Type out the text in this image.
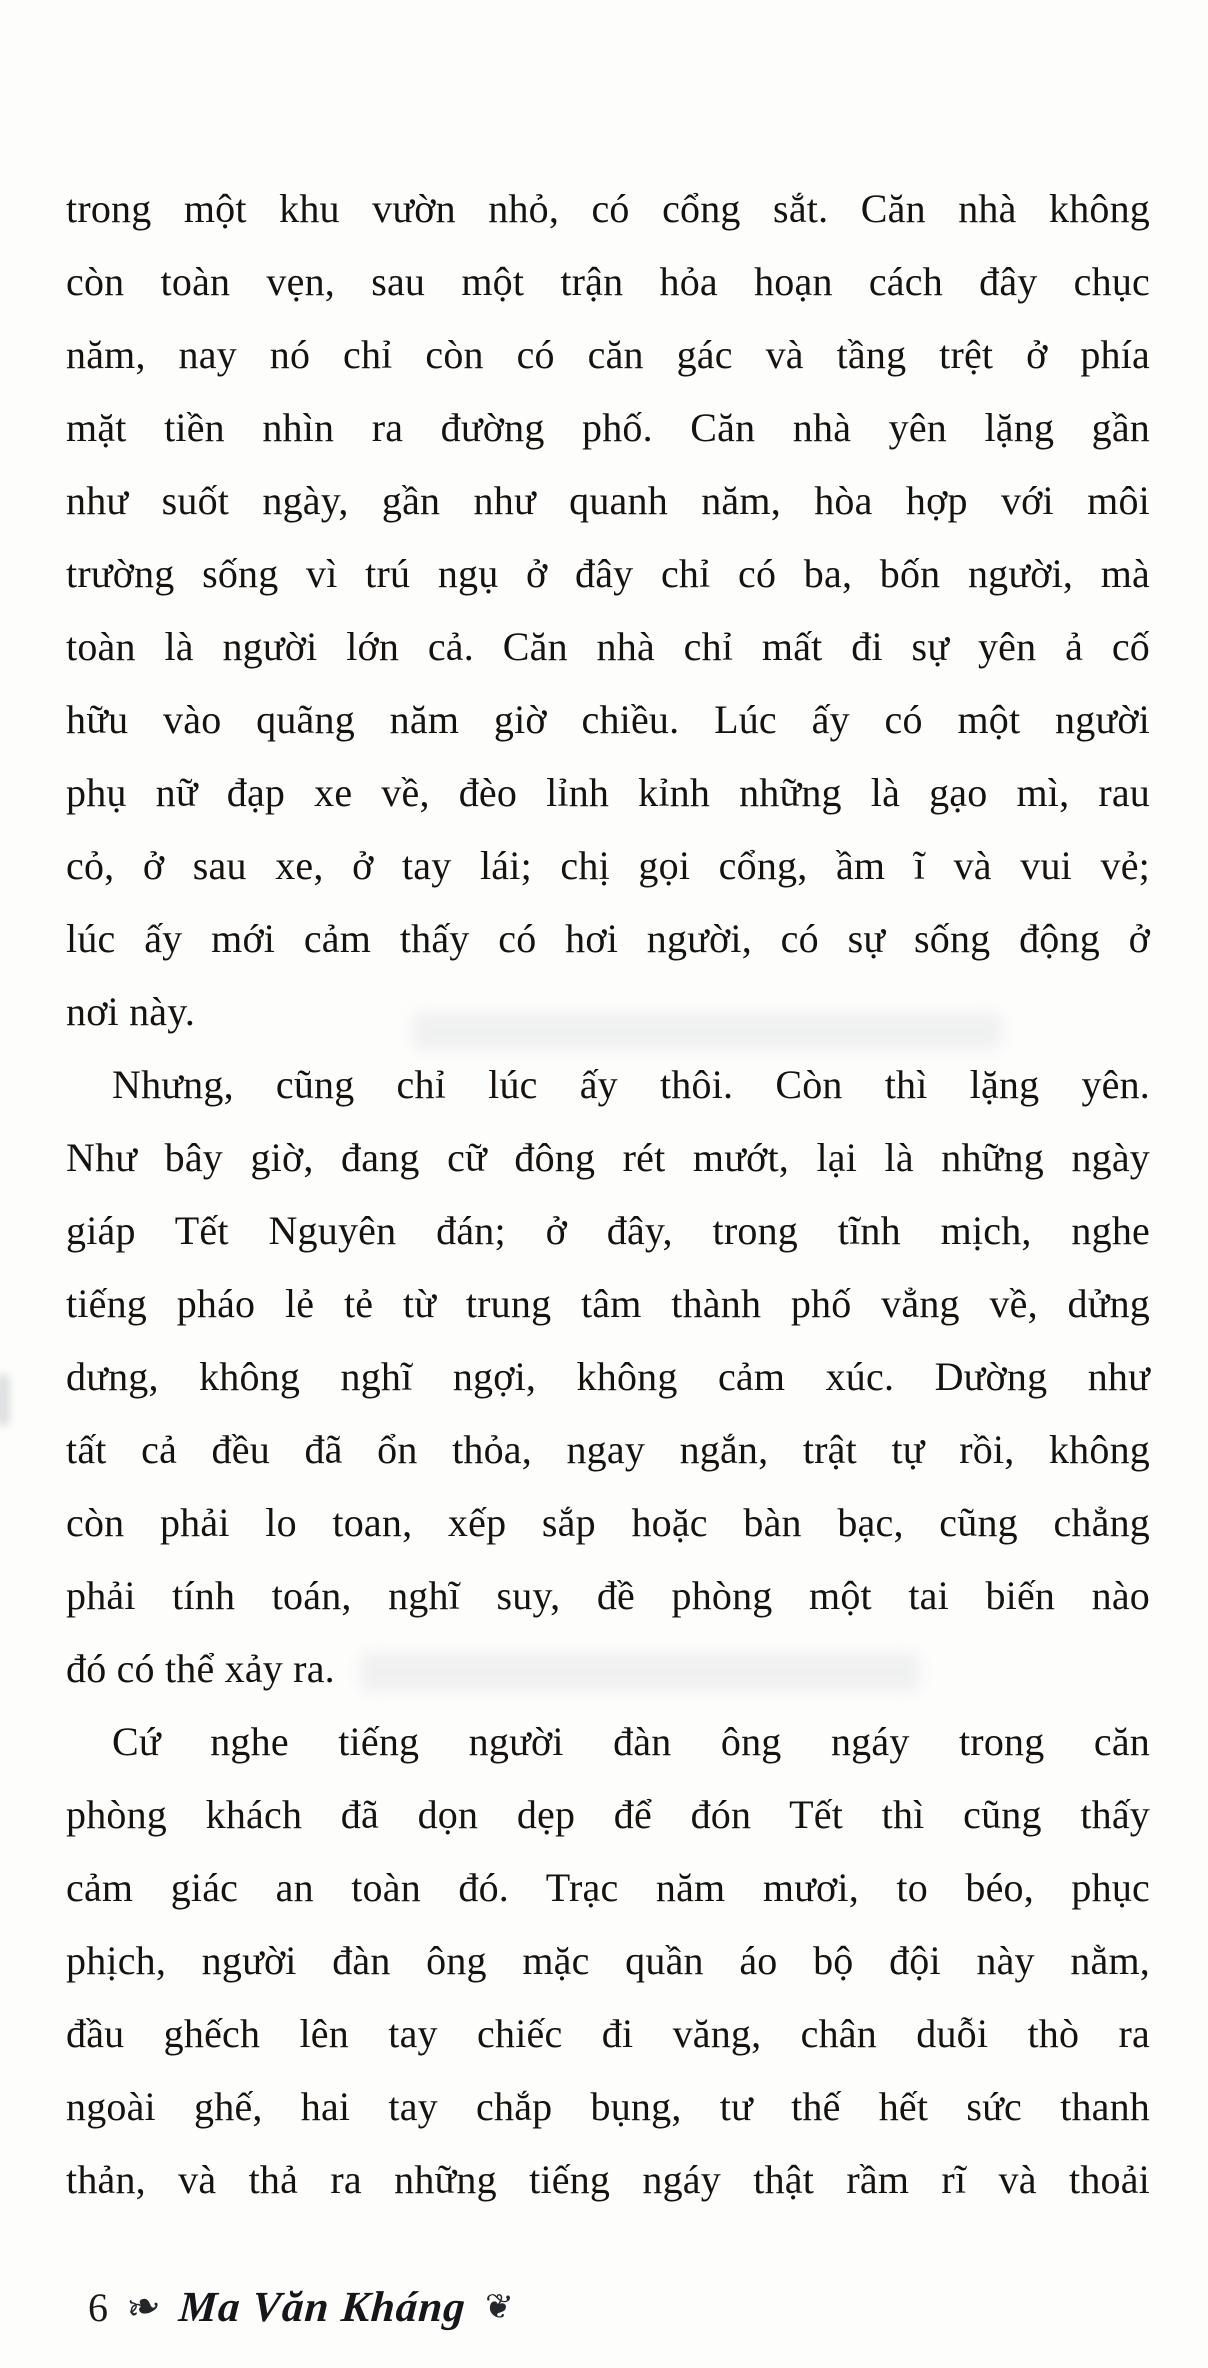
trong một khu vườn nhỏ, có cổng sắt. Căn nhà không
còn toàn vẹn, sau một trận hỏa hoạn cách đây chục
năm, nay nó chỉ còn có căn gác và tầng trệt ở phía
mặt tiền nhìn ra đường phố. Căn nhà yên lặng gần
như suốt ngày, gần như quanh năm, hòa hợp với môi
trường sống vì trú ngụ ở đây chỉ có ba, bốn người, mà
toàn là người lớn cả. Căn nhà chỉ mất đi sự yên ả cố
hữu vào quãng năm giờ chiều. Lúc ấy có một người
phụ nữ đạp xe về, đèo lỉnh kỉnh những là gạo mì, rau
cỏ, ở sau xe, ở tay lái; chị gọi cổng, ầm ĩ và vui vẻ;
lúc ấy mới cảm thấy có hơi người, có sự sống động ở
nơi này.
Nhưng, cũng chỉ lúc ấy thôi. Còn thì lặng yên.
Như bây giờ, đang cữ đông rét mướt, lại là những ngày
giáp Tết Nguyên đán; ở đây, trong tĩnh mịch, nghe
tiếng pháo lẻ tẻ từ trung tâm thành phố vẳng về, dửng
dưng, không nghĩ ngợi, không cảm xúc. Dường như
tất cả đều đã ổn thỏa, ngay ngắn, trật tự rồi, không
còn phải lo toan, xếp sắp hoặc bàn bạc, cũng chẳng
phải tính toán, nghĩ suy, đề phòng một tai biến nào
đó có thể xảy ra.
Cứ nghe tiếng người đàn ông ngáy trong căn
phòng khách đã dọn dẹp để đón Tết thì cũng thấy
cảm giác an toàn đó. Trạc năm mươi, to béo, phục
phịch, người đàn ông mặc quần áo bộ đội này nằm,
đầu ghếch lên tay chiếc đi văng, chân duỗi thò ra
ngoài ghế, hai tay chắp bụng, tư thế hết sức thanh
thản, và thả ra những tiếng ngáy thật rầm rĩ và thoải
6 ❧ Ma Văn Kháng ❦
